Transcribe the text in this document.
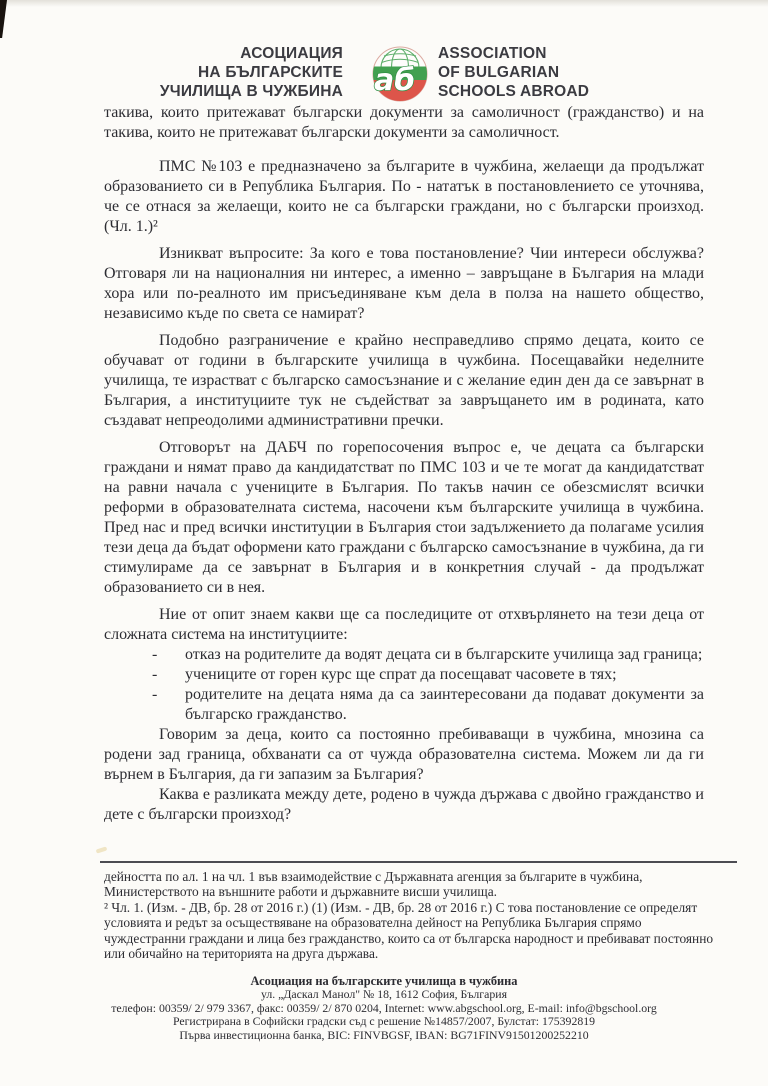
АСОЦИАЦИЯ
НА БЪЛГАРСКИТЕ
УЧИЛИЩА В ЧУЖБИНА аб
ASSOCIATION
OF BULGARIAN
SCHOOLS ABROAD

такива, които притежават български документи за самоличност (гражданство) и на такива, които не притежават български документи за самоличност.

ПМС №103 е предназначено за българите в чужбина, желаещи да продължат образованието си в Република България. По - нататък в постановлението се уточнява, че се отнася за желаещи, които не са български граждани, но с български произход. (Чл. 1.)²

Изникват въпросите: За кого е това постановление? Чии интереси обслужва? Отговаря ли на националния ни интерес, а именно – завръщане в България на млади хора или по-реалното им присъединяване към дела в полза на нашето общество, независимо къде по света се намират?

Подобно разграничение е крайно несправедливо спрямо децата, които се обучават от години в българските училища в чужбина. Посещавайки неделните училища, те израстват с българско самосъзнание и с желание един ден да се завърнат в България, а институциите тук не съдействат за завръщането им в родината, като създават непреодолими административни пречки.

Отговорът на ДАБЧ по горепосочения въпрос е, че децата са български граждани и нямат право да кандидатстват по ПМС 103 и че те могат да кандидатстват на равни начала с учениците в България. По такъв начин се обезсмислят всички реформи в образователната система, насочени към българските училища в чужбина. Пред нас и пред всички институции в България стои задължението да полагаме усилия тези деца да бъдат оформени като граждани с българско самосъзнание в чужбина, да ги стимулираме да се завърнат в България и в конкретния случай - да продължат образованието си в нея.

Ние от опит знаем какви ще са последиците от отхвърлянето на тези деца от сложната система на институциите:

- отказ на родителите да водят децата си в българските училища зад граница;
- учениците от горен курс ще спрат да посещават часовете в тях;
- родителите на децата няма да са заинтересовани да подават документи за българско гражданство.

Говорим за деца, които са постоянно пребиваващи в чужбина, мнозина са родени зад граница, обхванати са от чужда образователна система. Можем ли да ги върнем в България, да ги запазим за България?

Каква е разликата между дете, родено в чужда държава с двойно гражданство и дете с български произход?

дейността по ал. 1 на чл. 1 във взаимодействие с Държавната агенция за българите в чужбина, Министерството на външните работи и държавните висши училища.

² Чл. 1. (Изм. - ДВ, бр. 28 от 2016 г.) (1) (Изм. - ДВ, бр. 28 от 2016 г.) С това постановление се определят условията и редът за осъществяване на образователна дейност на Република България спрямо чуждестранни граждани и лица без гражданство, които са от българска народност и пребивават постоянно или обичайно на територията на друга държава.

Асоциация на българските училища в чужбина
ул. „Даскал Манол" № 18, 1612 София, България
телефон: 00359/ 2/ 979 3367, факс: 00359/ 2/ 870 0204, Internet: www.abgschool.org, E-mail: info@bgschool.org
Регистрирана в Софийски градски съд с решение №14857/2007, Булстат: 175392819
Първа инвестиционна банка, BIC: FINVBGSF, IBAN: BG71FINV91501200252210
